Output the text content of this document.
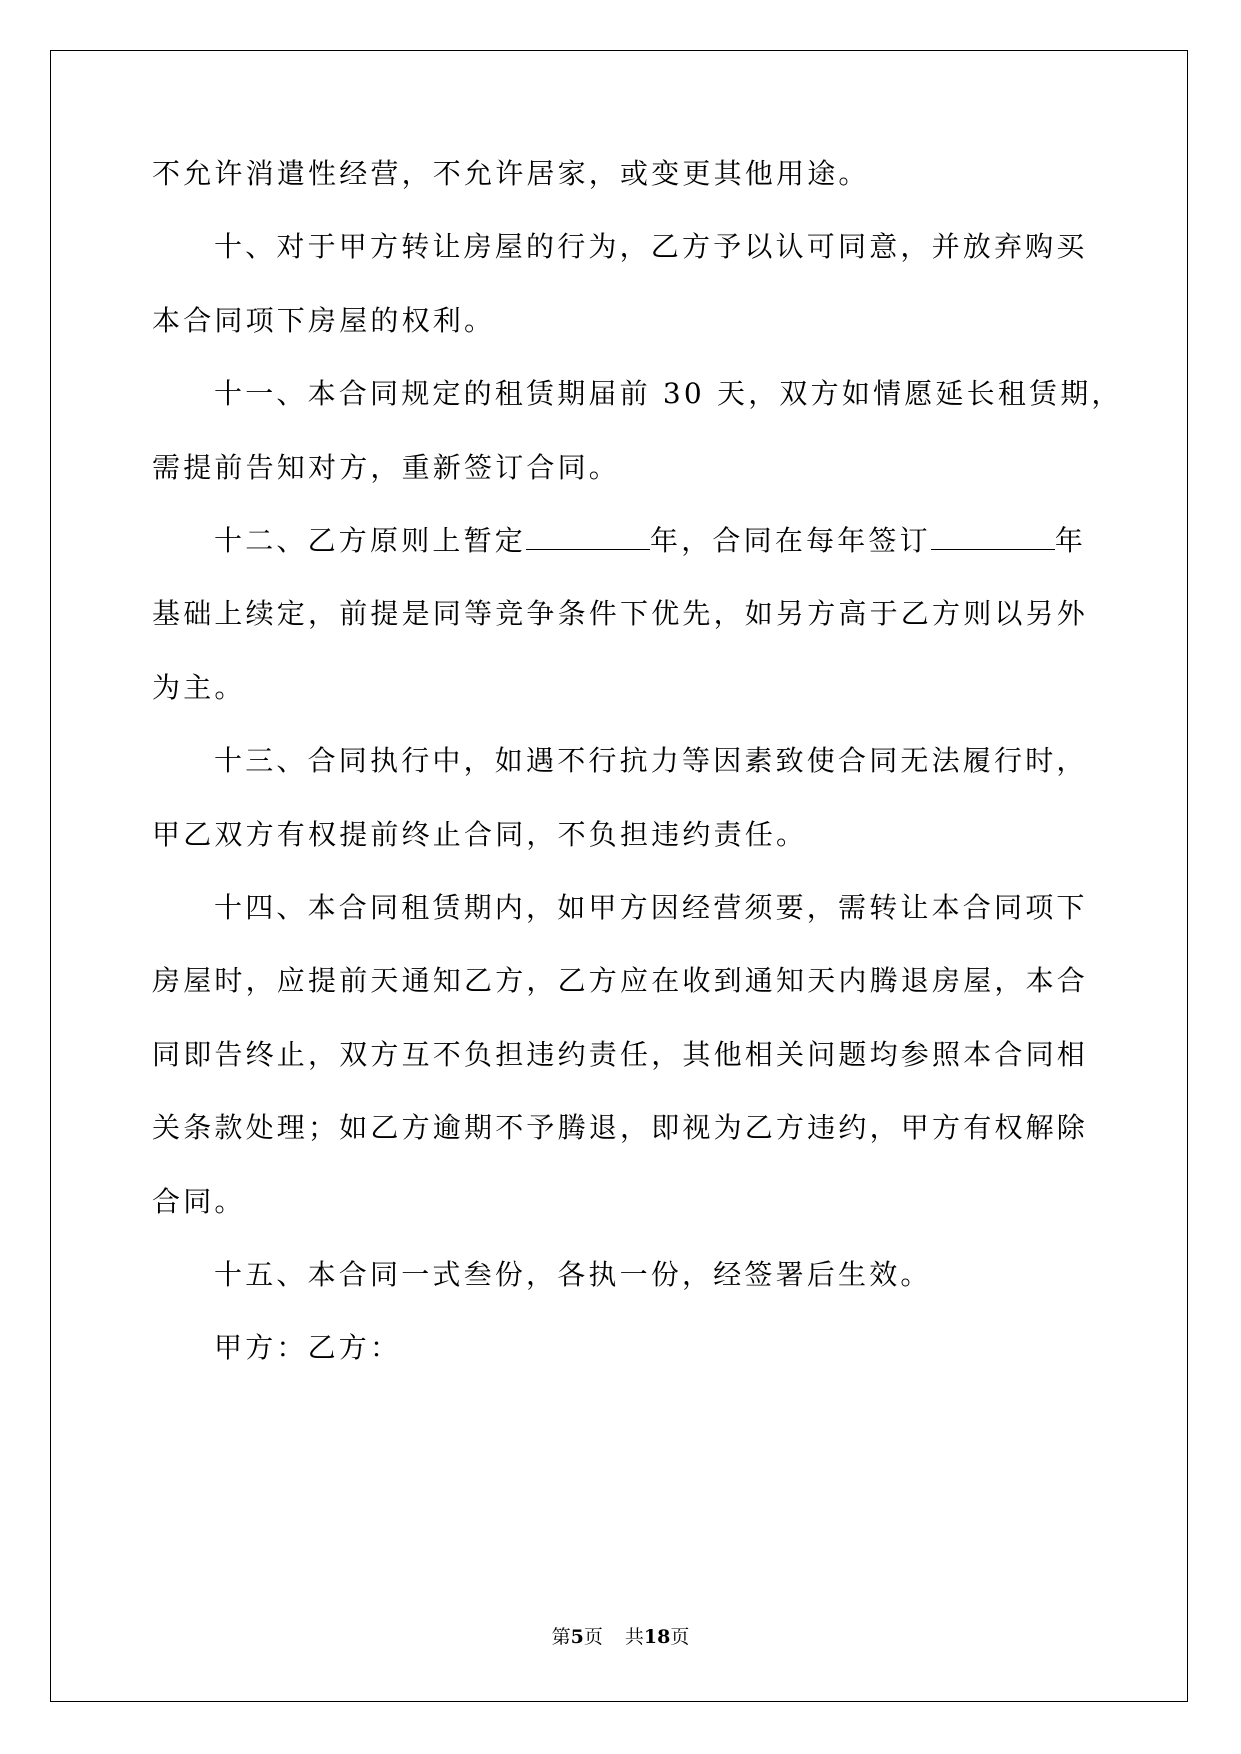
不允许消遣性经营，不允许居家，或变更其他用途。

十、对于甲方转让房屋的行为，乙方予以认可同意，并放弃购买

本合同项下房屋的权利。

十一、本合同规定的租赁期届前 30 天，双方如情愿延长租赁期，

需提前告知对方，重新签订合同。

十二、乙方原则上暂定	年，合同在每年签订	年

基础上续定，前提是同等竞争条件下优先，如另方高于乙方则以另外

为主。

十三、合同执行中，如遇不行抗力等因素致使合同无法履行时，

甲乙双方有权提前终止合同，不负担违约责任。

十四、本合同租赁期内，如甲方因经营须要，需转让本合同项下

房屋时，应提前天通知乙方，乙方应在收到通知天内腾退房屋，本合

同即告终止，双方互不负担违约责任，其他相关问题均参照本合同相

关条款处理；如乙方逾期不予腾退，即视为乙方违约，甲方有权解除

合同。

十五、本合同一式叁份，各执一份，经签署后生效。

甲方：乙方：

第5页 共18页
